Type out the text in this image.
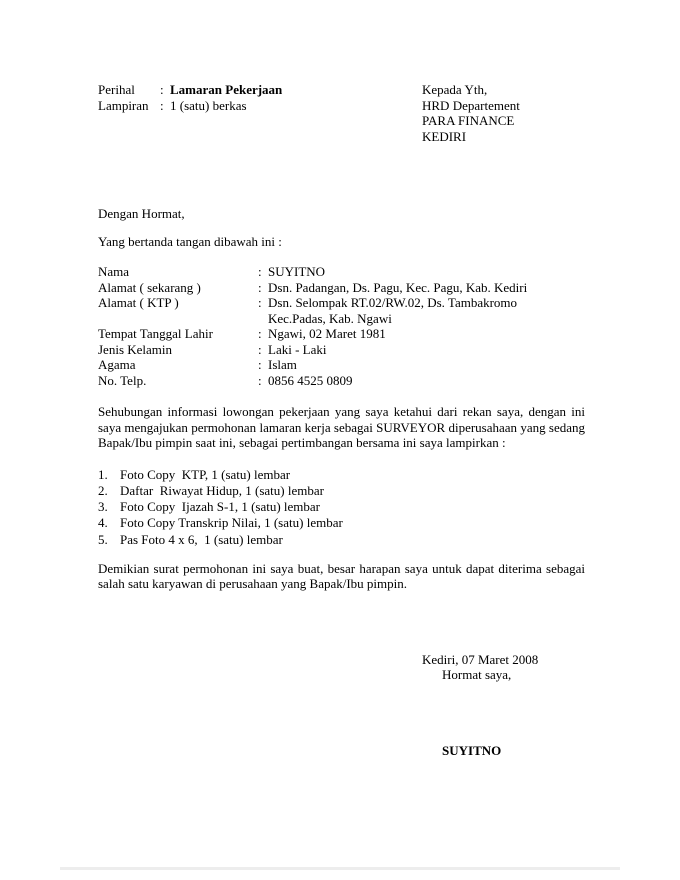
Perihal	: Lamaran Pekerjaan
Lampiran : 1 (satu) berkas
Kepada Yth,
HRD Departement
PARA FINANCE
KEDIRI
Dengan Hormat,
Yang bertanda tangan dibawah ini :
Nama	: SUYITNO
Alamat ( sekarang )	: Dsn. Padangan, Ds. Pagu, Kec. Pagu, Kab. Kediri
Alamat ( KTP )	: Dsn. Selompak RT.02/RW.02, Ds. Tambakromo
Kec.Padas, Kab. Ngawi
Tempat Tanggal Lahir	: Ngawi, 02 Maret 1981
Jenis Kelamin	: Laki - Laki
Agama	: Islam
No. Telp.	: 0856 4525 0809
Sehubungan informasi lowongan pekerjaan yang saya ketahui dari rekan saya, dengan ini saya mengajukan permohonan lamaran kerja sebagai SURVEYOR diperusahaan yang sedang Bapak/Ibu pimpin saat ini, sebagai pertimbangan bersama ini saya lampirkan :
1. Foto Copy  KTP, 1 (satu) lembar
2. Daftar  Riwayat Hidup, 1 (satu) lembar
3. Foto Copy  Ijazah S-1, 1 (satu) lembar
4. Foto Copy Transkrip Nilai, 1 (satu) lembar
5. Pas Foto 4 x 6,  1 (satu) lembar
Demikian surat permohonan ini saya buat, besar harapan saya untuk dapat diterima sebagai salah satu karyawan di perusahaan yang Bapak/Ibu pimpin.
Kediri, 07 Maret 2008
Hormat saya,
SUYITNO
